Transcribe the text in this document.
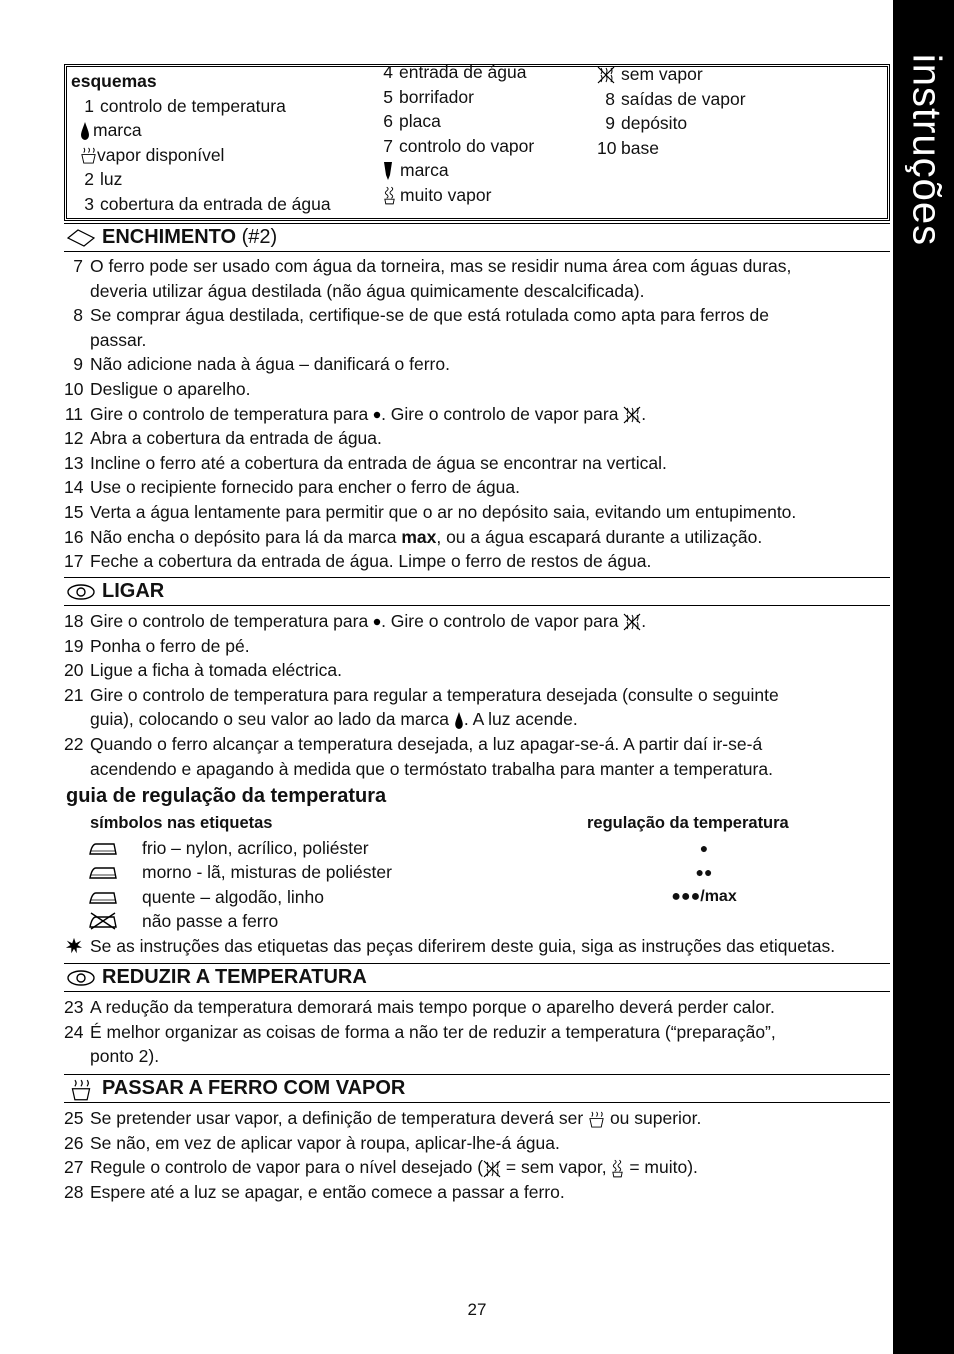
instruções
esquemas
1 controlo de temperatura
marca
vapor disponível
2 luz
3 cobertura da entrada de água
4 entrada de água
5 borrifador
6 placa
7 controlo do vapor
marca
muito vapor
sem vapor
8 saídas de vapor
9 depósito
10 base
ENCHIMENTO (#2)
7 O ferro pode ser usado com água da torneira, mas se residir numa área com águas duras,
deveria utilizar água destilada (não água quimicamente descalcificada).
8 Se comprar água destilada, certifique-se de que está rotulada como apta para ferros de
passar.
9 Não adicione nada à água – danificará o ferro.
10 Desligue o aparelho.
11 Gire o controlo de temperatura para . Gire o controlo de vapor para .
12 Abra a cobertura da entrada de água.
13 Incline o ferro até a cobertura da entrada de água se encontrar na vertical.
14 Use o recipiente fornecido para encher o ferro de água.
15 Verta a água lentamente para permitir que o ar no depósito saia, evitando um entupimento.
16 Não encha o depósito para lá da marca max, ou a água escapará durante a utilização.
17 Feche a cobertura da entrada de água. Limpe o ferro de restos de água.
LIGAR
18 Gire o controlo de temperatura para . Gire o controlo de vapor para .
19 Ponha o ferro de pé.
20 Ligue a ficha à tomada eléctrica.
21 Gire o controlo de temperatura para regular a temperatura desejada (consulte o seguinte
guia), colocando o seu valor ao lado da marca . A luz acende.
22 Quando o ferro alcançar a temperatura desejada, a luz apagar-se-á. A partir daí ir-se-á
acendendo e apagando à medida que o termóstato trabalha para manter a temperatura.
guia de regulação da temperatura
símbolos nas etiquetas	regulação da temperatura
frio – nylon, acrílico, poliéster	●
morno - lã, misturas de poliéster	●●
quente – algodão, linho	●●●/max
não passe a ferro
Se as instruções das etiquetas das peças diferirem deste guia, siga as instruções das etiquetas.
REDUZIR A TEMPERATURA
23 A redução da temperatura demorará mais tempo porque o aparelho deverá perder calor.
24 É melhor organizar as coisas de forma a não ter de reduzir a temperatura (“preparação”,
ponto 2).
PASSAR A FERRO COM VAPOR
25 Se pretender usar vapor, a definição de temperatura deverá ser  ou superior.
26 Se não, em vez de aplicar vapor à roupa, aplicar-lhe-á água.
27 Regule o controlo de vapor para o nível desejado ( = sem vapor,  = muito).
28 Espere até a luz se apagar, e então comece a passar a ferro.
27
